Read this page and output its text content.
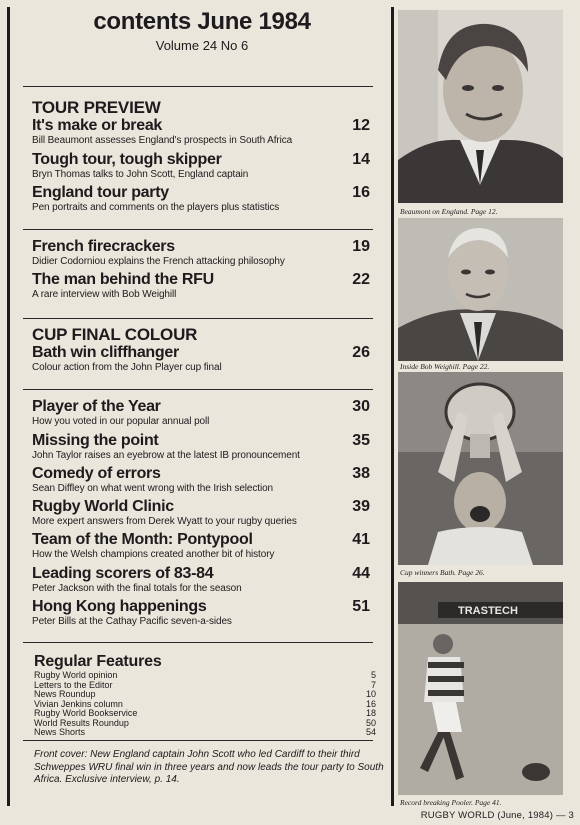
contents June 1984
Volume 24 No 6
TOUR PREVIEW
It's make or break	12
Bill Beaumont assesses England's prospects in South Africa
Tough tour, tough skipper	14
Bryn Thomas talks to John Scott, England captain
England tour party	16
Pen portraits and comments on the players plus statistics
French firecrackers	19
Didier Codorniou explains the French attacking philosophy
The man behind the RFU	22
A rare interview with Bob Weighill
CUP FINAL COLOUR
Bath win cliffhanger	26
Colour action from the John Player cup final
Player of the Year	30
How you voted in our popular annual poll
Missing the point	35
John Taylor raises an eyebrow at the latest IB pronouncement
Comedy of errors	38
Sean Diffley on what went wrong with the Irish selection
Rugby World Clinic	39
More expert answers from Derek Wyatt to your rugby queries
Team of the Month: Pontypool	41
How the Welsh champions created another bit of history
Leading scorers of 83-84	44
Peter Jackson with the final totals for the season
Hong Kong happenings	51
Peter Bills at the Cathay Pacific seven-a-sides
Regular Features
Rugby World opinion	5
Letters to the Editor	7
News Roundup	10
Vivian Jenkins column	16
Rugby World Bookservice	18
World Results Roundup	50
News Shorts	54
Front cover: New England captain John Scott who led Cardiff to their third Schweppes WRU final win in three years and now leads the tour party to South Africa. Exclusive interview, p. 14.
Beaumont on England. Page 12.
Inside Bob Weighill. Page 22.
Cup winners Bath. Page 26.
TRASTECH
Record breaking Pooler. Page 41.
RUGBY WORLD (June, 1984) — 3
